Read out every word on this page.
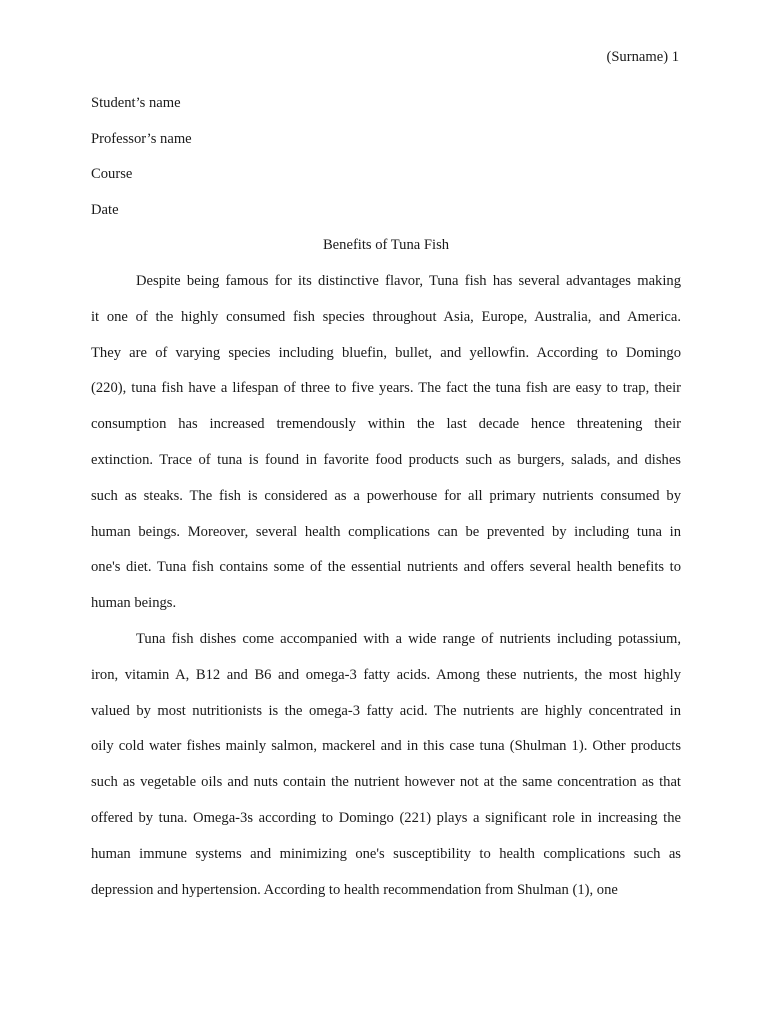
(Surname) 1
Student’s name
Professor’s name
Course
Date
Benefits of Tuna Fish
Despite being famous for its distinctive flavor, Tuna fish has several advantages making
it one of the highly consumed fish species throughout Asia, Europe, Australia, and America.
They are of varying species including bluefin, bullet, and yellowfin. According to Domingo
(220), tuna fish have a lifespan of three to five years. The fact the tuna fish are easy to trap, their
consumption has increased tremendously within the last decade hence threatening their
extinction. Trace of tuna is found in favorite food products such as burgers, salads, and dishes
such as steaks. The fish is considered as a powerhouse for all primary nutrients consumed by
human beings. Moreover, several health complications can be prevented by including tuna in
one's diet. Tuna fish contains some of the essential nutrients and offers several health benefits to
human beings.
Tuna fish dishes come accompanied with a wide range of nutrients including potassium,
iron, vitamin A, B12 and B6 and omega-3 fatty acids. Among these nutrients, the most highly
valued by most nutritionists is the omega-3 fatty acid. The nutrients are highly concentrated in
oily cold water fishes mainly salmon, mackerel and in this case tuna (Shulman 1). Other products
such as vegetable oils and nuts contain the nutrient however not at the same concentration as that
offered by tuna. Omega-3s according to Domingo (221) plays a significant role in increasing the
human immune systems and minimizing one's susceptibility to health complications such as
depression and hypertension. According to health recommendation from Shulman (1), one
